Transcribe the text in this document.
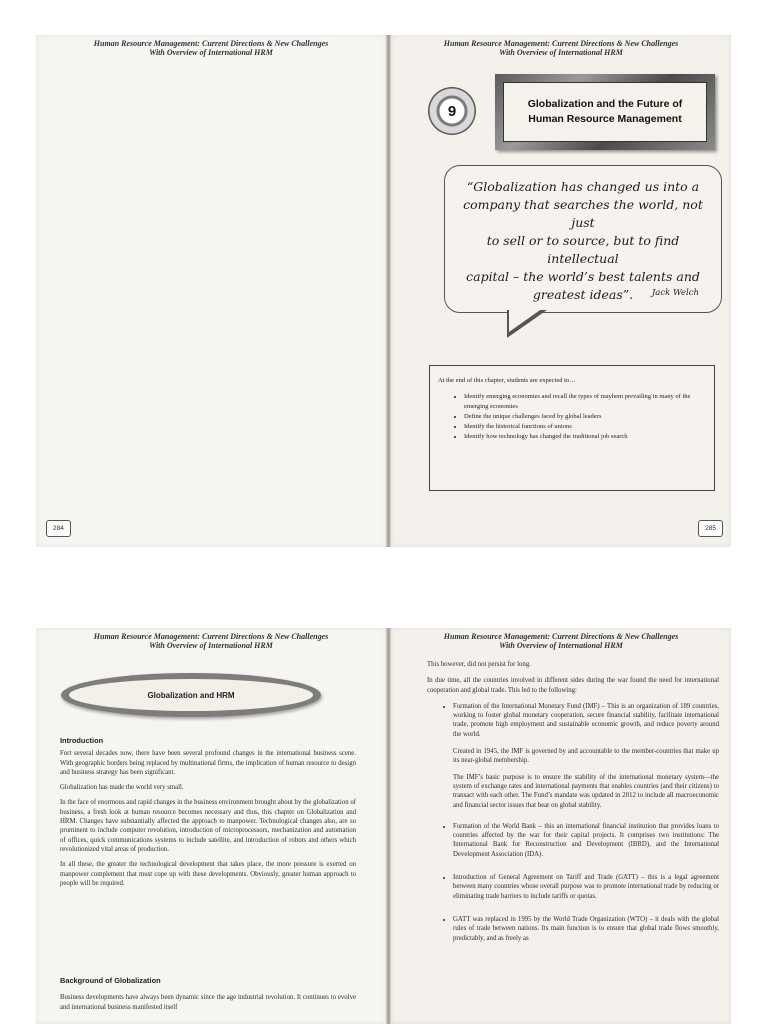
Human Resource Management: Current Directions & New Challenges
With Overview of International HRM
284
Human Resource Management: Current Directions & New Challenges
With Overview of International HRM
9	Globalization and the Future of
Human Resource Management
“Globalization has changed us into a
company that searches the world, not just
to sell or to source, but to find intellectual
capital – the world’s best talents and
greatest ideas”.	Jack Welch
At the end of this chapter, students are expected to…
• Identify emerging economies and recall the types of mayhem prevailing in many of the emerging economies
• Define the unique challenges faced by global leaders
• Identify the historical functions of unions
• Identify how technology has changed the traditional job search
285
Human Resource Management: Current Directions & New Challenges
With Overview of International HRM
Globalization and HRM
Introduction

Fort several decades now, there have been several profound changes in the international business scene. With geographic borders being replaced by multinational firms, the implication of human resource to design and business strategy has been significant.

Globalization has made the world very small.

In the face of enormous and rapid changes in the business environment brought about by the globalization of business, a fresh look at human resource becomes necessary and thus, this chapter on Globalization and HRM. Changes have substantially affected the approach to manpower. Technological changes also, are so prominent to include computer revolution, introduction of microprocessors, mechanization and automation of offices, quick communications systems to include satellite, and introduction of robots and others which revolutionized vital areas of production.

In all these, the greater the technological development that takes place, the more pressure is exerted on manpower complement that must cope up with these developments. Obviously, greater human approach to people will be required.

Background of Globalization

Business developments have always been dynamic since the age industrial revolution. It continues to evolve and international business manifested itself

Human Resource Management: Current Directions & New Challenges
With Overview of International HRM

This however, did not persist for long.

In due time, all the countries involved in different sides during the war found the need for international cooperation and global trade. This led to the following:

• Formation of the International Monetary Fund (IMF) – This is an organization of 189 countries, working to foster global monetary cooperation, secure financial stability, facilitate international trade, promote high employment and sustainable economic growth, and reduce poverty around the world.

Created in 1945, the IMF is governed by and accountable to the member-countries that make up its near-global membership.

The IMF’s basic purpose is to ensure the stability of the international monetary system—the system of exchange rates and international payments that enables countries (and their citizens) to transact with each other. The Fund’s mandate was updated in 2012 to include all macroeconomic and financial sector issues that bear on global stability.

• Formation of the World Bank – this an international financial institution that provides loans to countries affected by the war for their capital projects. It comprises two institutions: The International Bank for Reconstruction and Development (IBRD), and the International Development Association (IDA).
• Introduction of General Agreement on Tariff and Trade (GATT) – this is a legal agreement between many countries whose overall purpose was to promote international trade by reducing or eliminating trade barriers to include tariffs or quotas.
• GATT was replaced in 1995 by the World Trade Organization (WTO) – it deals with the global rules of trade between nations. Its main function is to ensure that global trade flows smoothly, predictably, and as freely as
